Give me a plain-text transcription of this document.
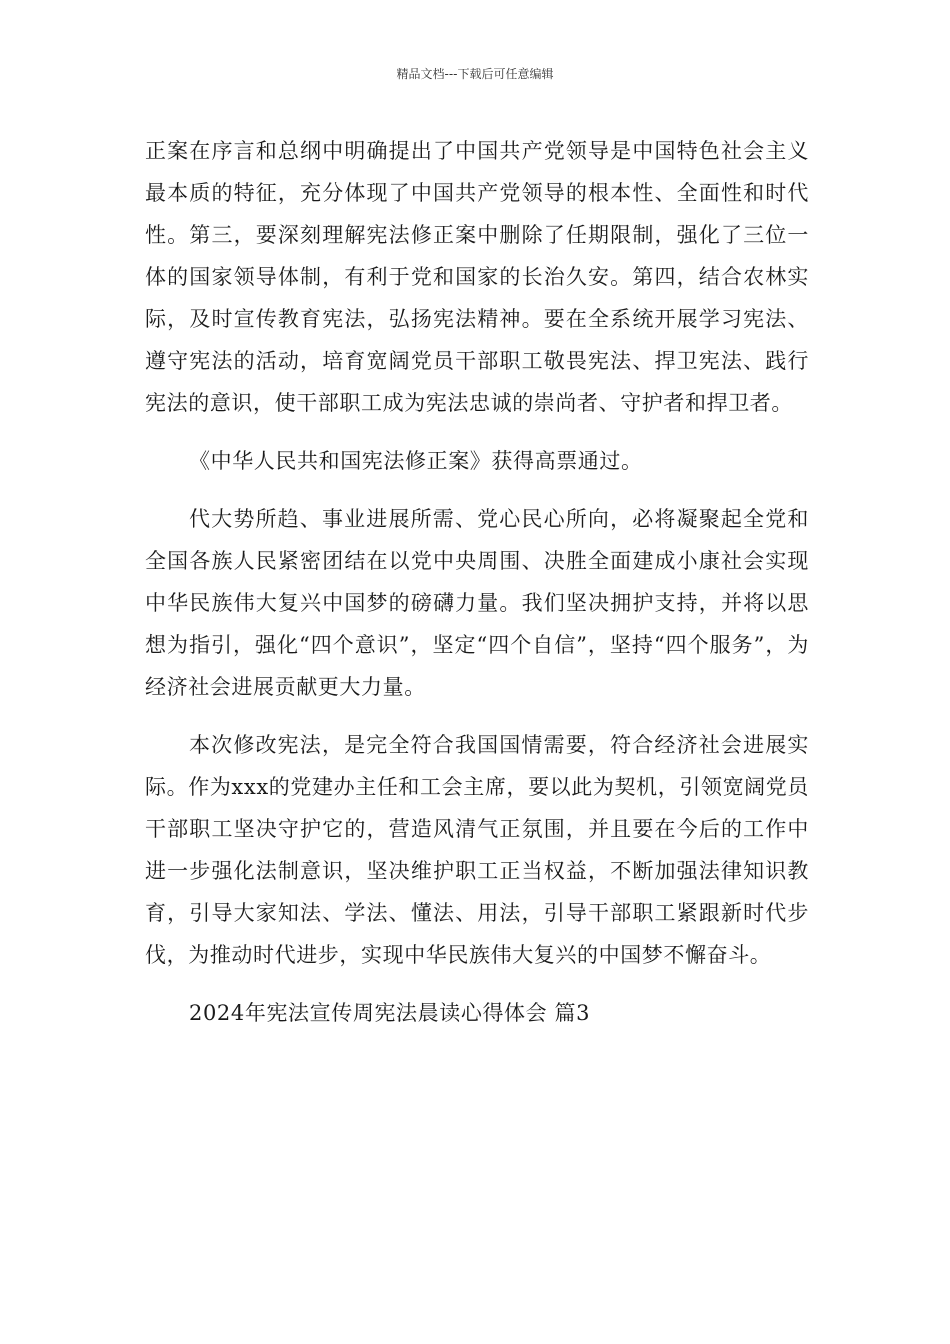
精品文档---下载后可任意编辑

正案在序言和总纲中明确提出了中国共产党领导是中国特色社会主义最本质的特征，充分体现了中国共产党领导的根本性、全面性和时代性。第三，要深刻理解宪法修正案中删除了任期限制，强化了三位一体的国家领导体制，有利于党和国家的长治久安。第四，结合农林实际，及时宣传教育宪法，弘扬宪法精神。要在全系统开展学习宪法、遵守宪法的活动，培育宽阔党员干部职工敬畏宪法、捍卫宪法、践行宪法的意识，使干部职工成为宪法忠诚的崇尚者、守护者和捍卫者。

《中华人民共和国宪法修正案》获得高票通过。

代大势所趋、事业进展所需、党心民心所向，必将凝聚起全党和全国各族人民紧密团结在以党中央周围、决胜全面建成小康社会实现中华民族伟大复兴中国梦的磅礴力量。我们坚决拥护支持，并将以思想为指引，强化“四个意识”，坚定“四个自信”，坚持“四个服务”，为经济社会进展贡献更大力量。

本次修改宪法，是完全符合我国国情需要，符合经济社会进展实际。作为xxx的党建办主任和工会主席，要以此为契机，引领宽阔党员干部职工坚决守护它的，营造风清气正氛围，并且要在今后的工作中进一步强化法制意识，坚决维护职工正当权益，不断加强法律知识教育，引导大家知法、学法、懂法、用法，引导干部职工紧跟新时代步伐，为推动时代进步，实现中华民族伟大复兴的中国梦不懈奋斗。

2024年宪法宣传周宪法晨读心得体会 篇3
